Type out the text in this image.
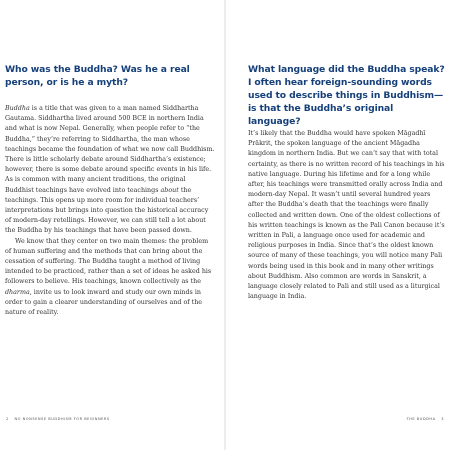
Who was the Buddha? Was he a real person, or is he a myth?

Buddha is a title that was given to a man named Siddhartha Gautama. Siddhartha lived around 500 BCE in northern India and what is now Nepal. Generally, when people refer to “the Buddha,” they’re referring to Siddhartha, the man whose teachings became the foundation of what we now call Buddhism. There is little scholarly debate around Siddhartha’s existence; however, there is some debate around specific events in his life. As is common with many ancient traditions, the original Buddhist teachings have evolved into teachings about the teachings. This opens up more room for individual teachers’ interpretations but brings into question the historical accuracy of modern-day retellings. However, we can still tell a lot about the Buddha by his teachings that have been passed down.

We know that they center on two main themes: the problem of human suffering and the methods that can bring about the cessation of suffering. The Buddha taught a method of living intended to be practiced, rather than a set of ideas he asked his followers to believe. His teachings, known collectively as the dharma, invite us to look inward and study our own minds in order to gain a clearer understanding of ourselves and of the nature of reality.

2 NO NONSENSE BUDDHISM FOR BEGINNERS
What language did the Buddha speak? I often hear foreign-sounding words used to describe things in Buddhism—is that the Buddha’s original language?

It’s likely that the Buddha would have spoken Māgadhī Prākrit, the spoken language of the ancient Māgadha kingdom in northern India. But we can’t say that with total certainty, as there is no written record of his teachings in his native language. During his lifetime and for a long while after, his teachings were transmitted orally across India and modern-day Nepal. It wasn’t until several hundred years after the Buddha’s death that the teachings were finally collected and written down. One of the oldest collections of his written teachings is known as the Pali Canon because it’s written in Pali, a language once used for academic and religious purposes in India. Since that’s the oldest known source of many of these teachings, you will notice many Pali words being used in this book and in many other writings about Buddhism. Also common are words in Sanskrit, a language closely related to Pali and still used as a liturgical language in India.

THE BUDDHA 3
